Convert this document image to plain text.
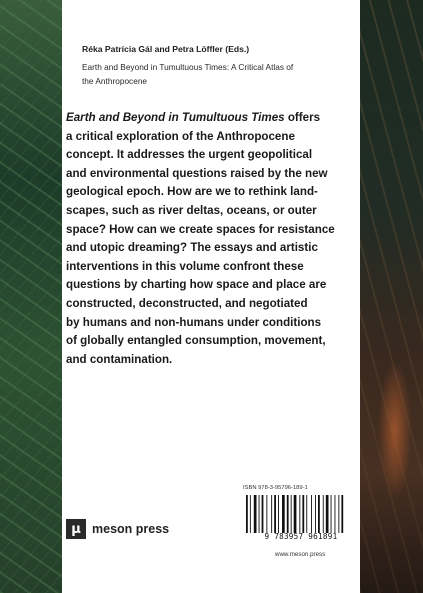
Réka Patrícia Gál and Petra Löffler (Eds.)
Earth and Beyond in Tumultuous Times: A Critical Atlas of
the Anthropocene
Earth and Beyond in Tumultuous Times offers
a critical exploration of the Anthropocene
concept. It addresses the urgent geopolitical
and environmental questions raised by the new
geological epoch. How are we to rethink land-
scapes, such as river deltas, oceans, or outer
space? How can we create spaces for resistance
and utopic dreaming? The essays and artistic
interventions in this volume confront these
questions by charting how space and place are
constructed, deconstructed, and negotiated
by humans and non-humans under conditions
of globally entangled consumption, movement,
and contamination.
ISBN 978-3-95796-189-1
9 783957 961891
www.meson.press
μ meson press
